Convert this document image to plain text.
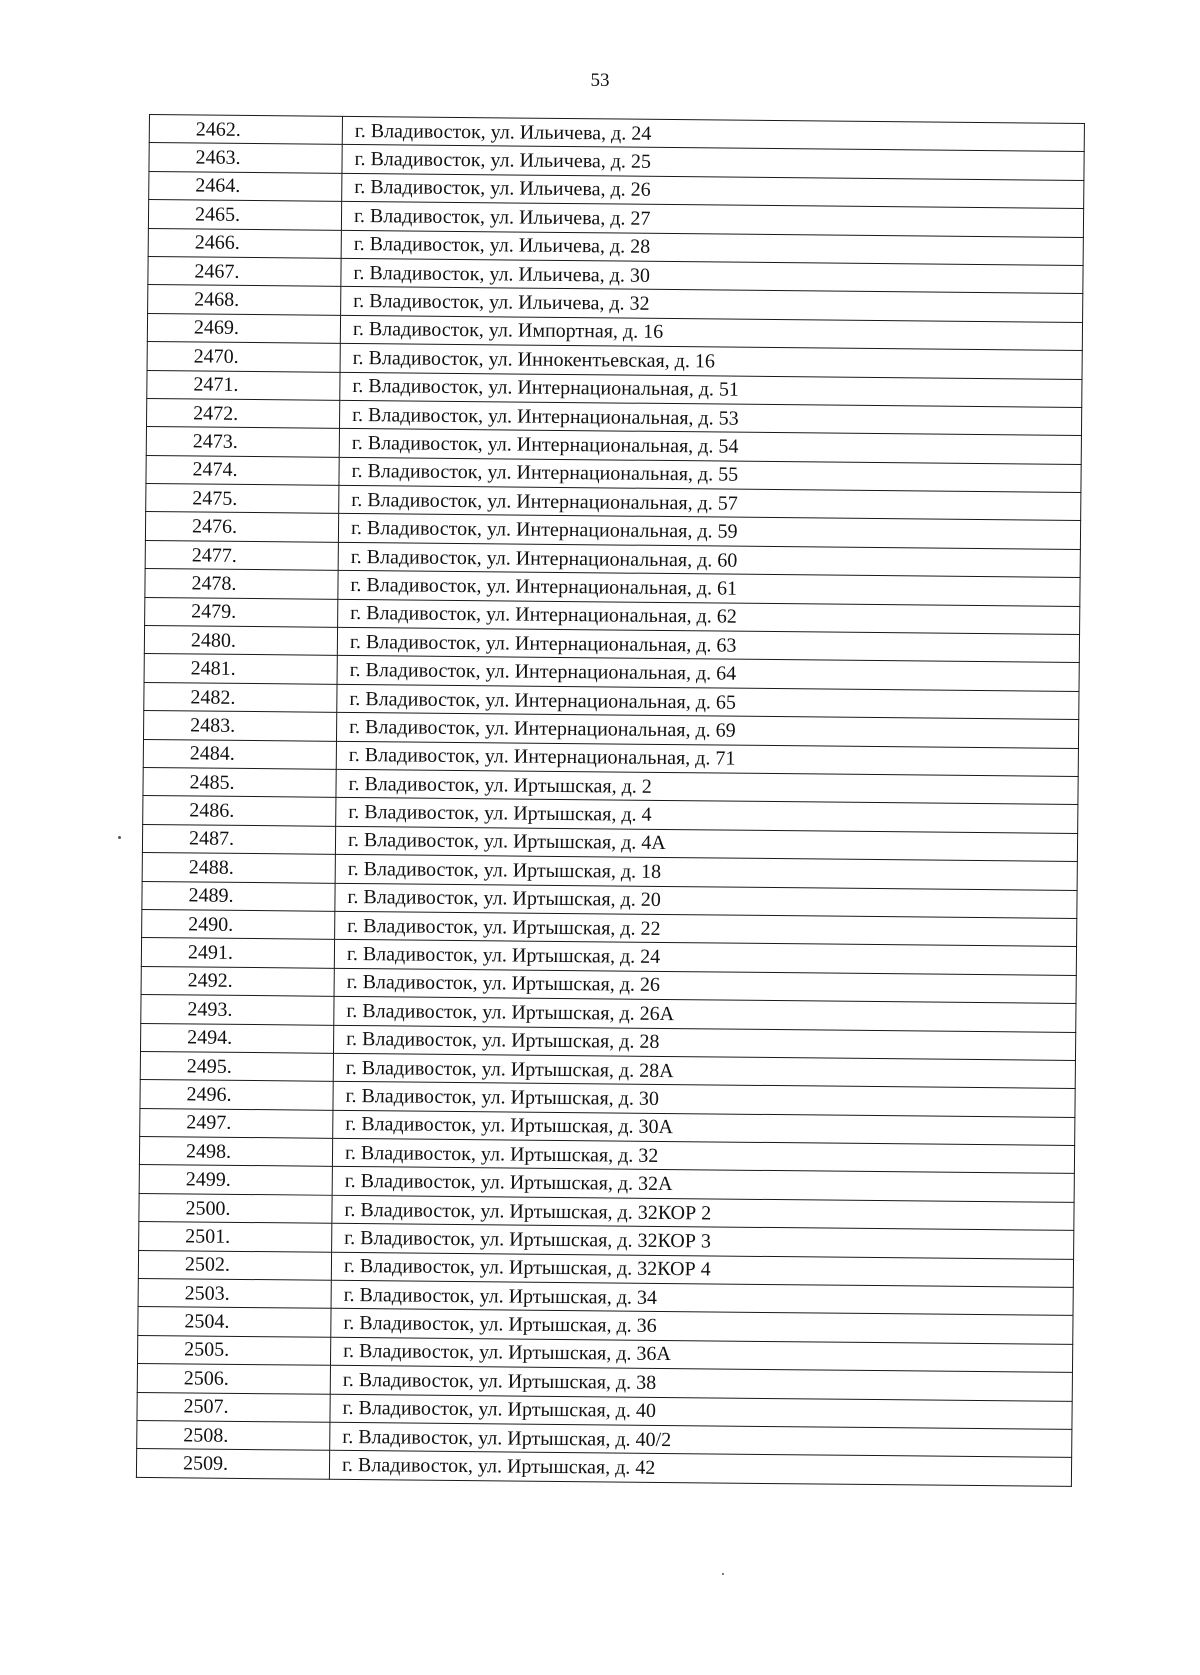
53
2462.	г. Владивосток, ул. Ильичева, д. 24
2463.	г. Владивосток, ул. Ильичева, д. 25
2464.	г. Владивосток, ул. Ильичева, д. 26
2465.	г. Владивосток, ул. Ильичева, д. 27
2466.	г. Владивосток, ул. Ильичева, д. 28
2467.	г. Владивосток, ул. Ильичева, д. 30
2468.	г. Владивосток, ул. Ильичева, д. 32
2469.	г. Владивосток, ул. Импортная, д. 16
2470.	г. Владивосток, ул. Иннокентьевская, д. 16
2471.	г. Владивосток, ул. Интернациональная, д. 51
2472.	г. Владивосток, ул. Интернациональная, д. 53
2473.	г. Владивосток, ул. Интернациональная, д. 54
2474.	г. Владивосток, ул. Интернациональная, д. 55
2475.	г. Владивосток, ул. Интернациональная, д. 57
2476.	г. Владивосток, ул. Интернациональная, д. 59
2477.	г. Владивосток, ул. Интернациональная, д. 60
2478.	г. Владивосток, ул. Интернациональная, д. 61
2479.	г. Владивосток, ул. Интернациональная, д. 62
2480.	г. Владивосток, ул. Интернациональная, д. 63
2481.	г. Владивосток, ул. Интернациональная, д. 64
2482.	г. Владивосток, ул. Интернациональная, д. 65
2483.	г. Владивосток, ул. Интернациональная, д. 69
2484.	г. Владивосток, ул. Интернациональная, д. 71
2485.	г. Владивосток, ул. Иртышская, д. 2
2486.	г. Владивосток, ул. Иртышская, д. 4
2487.	г. Владивосток, ул. Иртышская, д. 4А
2488.	г. Владивосток, ул. Иртышская, д. 18
2489.	г. Владивосток, ул. Иртышская, д. 20
2490.	г. Владивосток, ул. Иртышская, д. 22
2491.	г. Владивосток, ул. Иртышская, д. 24
2492.	г. Владивосток, ул. Иртышская, д. 26
2493.	г. Владивосток, ул. Иртышская, д. 26А
2494.	г. Владивосток, ул. Иртышская, д. 28
2495.	г. Владивосток, ул. Иртышская, д. 28А
2496.	г. Владивосток, ул. Иртышская, д. 30
2497.	г. Владивосток, ул. Иртышская, д. 30А
2498.	г. Владивосток, ул. Иртышская, д. 32
2499.	г. Владивосток, ул. Иртышская, д. 32А
2500.	г. Владивосток, ул. Иртышская, д. 32КОР 2
2501.	г. Владивосток, ул. Иртышская, д. 32КОР 3
2502.	г. Владивосток, ул. Иртышская, д. 32КОР 4
2503.	г. Владивосток, ул. Иртышская, д. 34
2504.	г. Владивосток, ул. Иртышская, д. 36
2505.	г. Владивосток, ул. Иртышская, д. 36А
2506.	г. Владивосток, ул. Иртышская, д. 38
2507.	г. Владивосток, ул. Иртышская, д. 40
2508.	г. Владивосток, ул. Иртышская, д. 40/2
2509.	г. Владивосток, ул. Иртышская, д. 42
